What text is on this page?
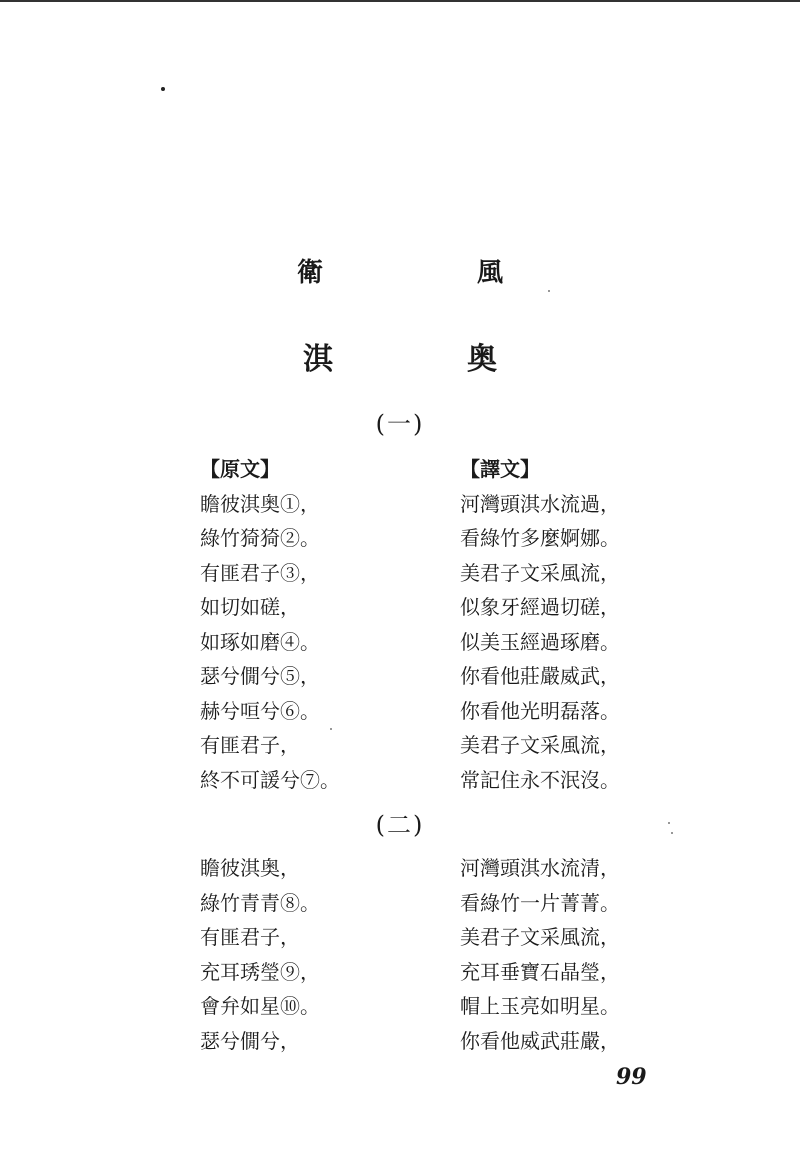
衛　風
淇　奥
(一)
【原文】
瞻彼淇奥①，
綠竹猗猗②。
有匪君子③，
如切如磋，
如琢如磨④。
瑟兮僩兮⑤，
赫兮咺兮⑥。
有匪君子，
終不可諼兮⑦。
【譯文】
河灣頭淇水流過，
看綠竹多麼婀娜。
美君子文采風流，
似象牙經過切磋，
似美玉經過琢磨。
你看他莊嚴威武，
你看他光明磊落。
美君子文采風流，
常記住永不泯沒。
(二)
瞻彼淇奥，
綠竹青青⑧。
有匪君子，
充耳琇瑩⑨，
會弁如星⑩。
瑟兮僩兮，
河灣頭淇水流清，
看綠竹一片菁菁。
美君子文采風流，
充耳垂寶石晶瑩，
帽上玉亮如明星。
你看他威武莊嚴，
99
